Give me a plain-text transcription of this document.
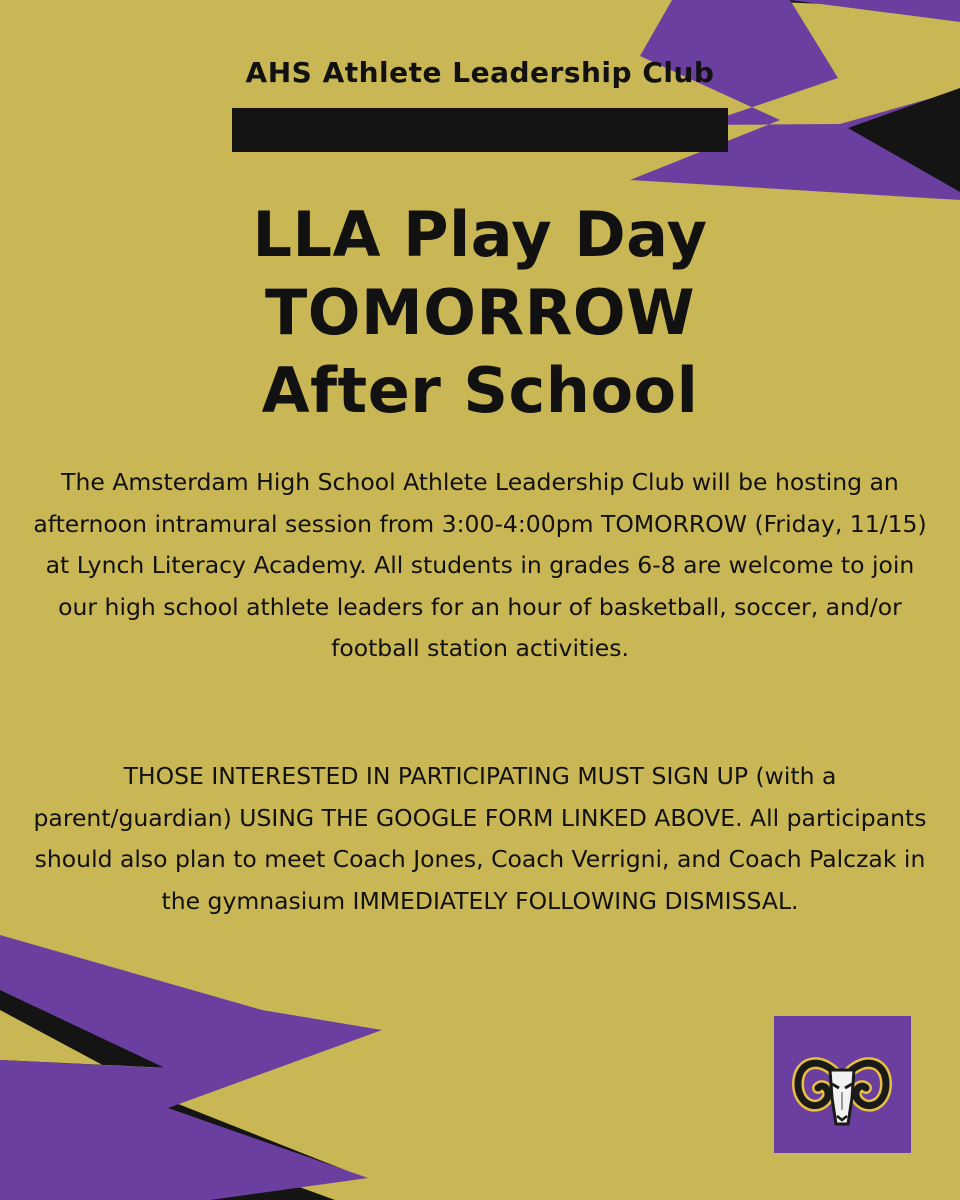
AHS Athlete Leadership Club
LLA Play Day
TOMORROW
After School

The Amsterdam High School Athlete Leadership Club will be hosting an afternoon intramural session from 3:00-4:00pm TOMORROW (Friday, 11/15) at Lynch Literacy Academy. All students in grades 6-8 are welcome to join our high school athlete leaders for an hour of basketball, soccer, and/or football station activities.

THOSE INTERESTED IN PARTICIPATING MUST SIGN UP (with a parent/guardian) USING THE GOOGLE FORM LINKED ABOVE. All participants should also plan to meet Coach Jones, Coach Verrigni, and Coach Palczak in the gymnasium IMMEDIATELY FOLLOWING DISMISSAL.
